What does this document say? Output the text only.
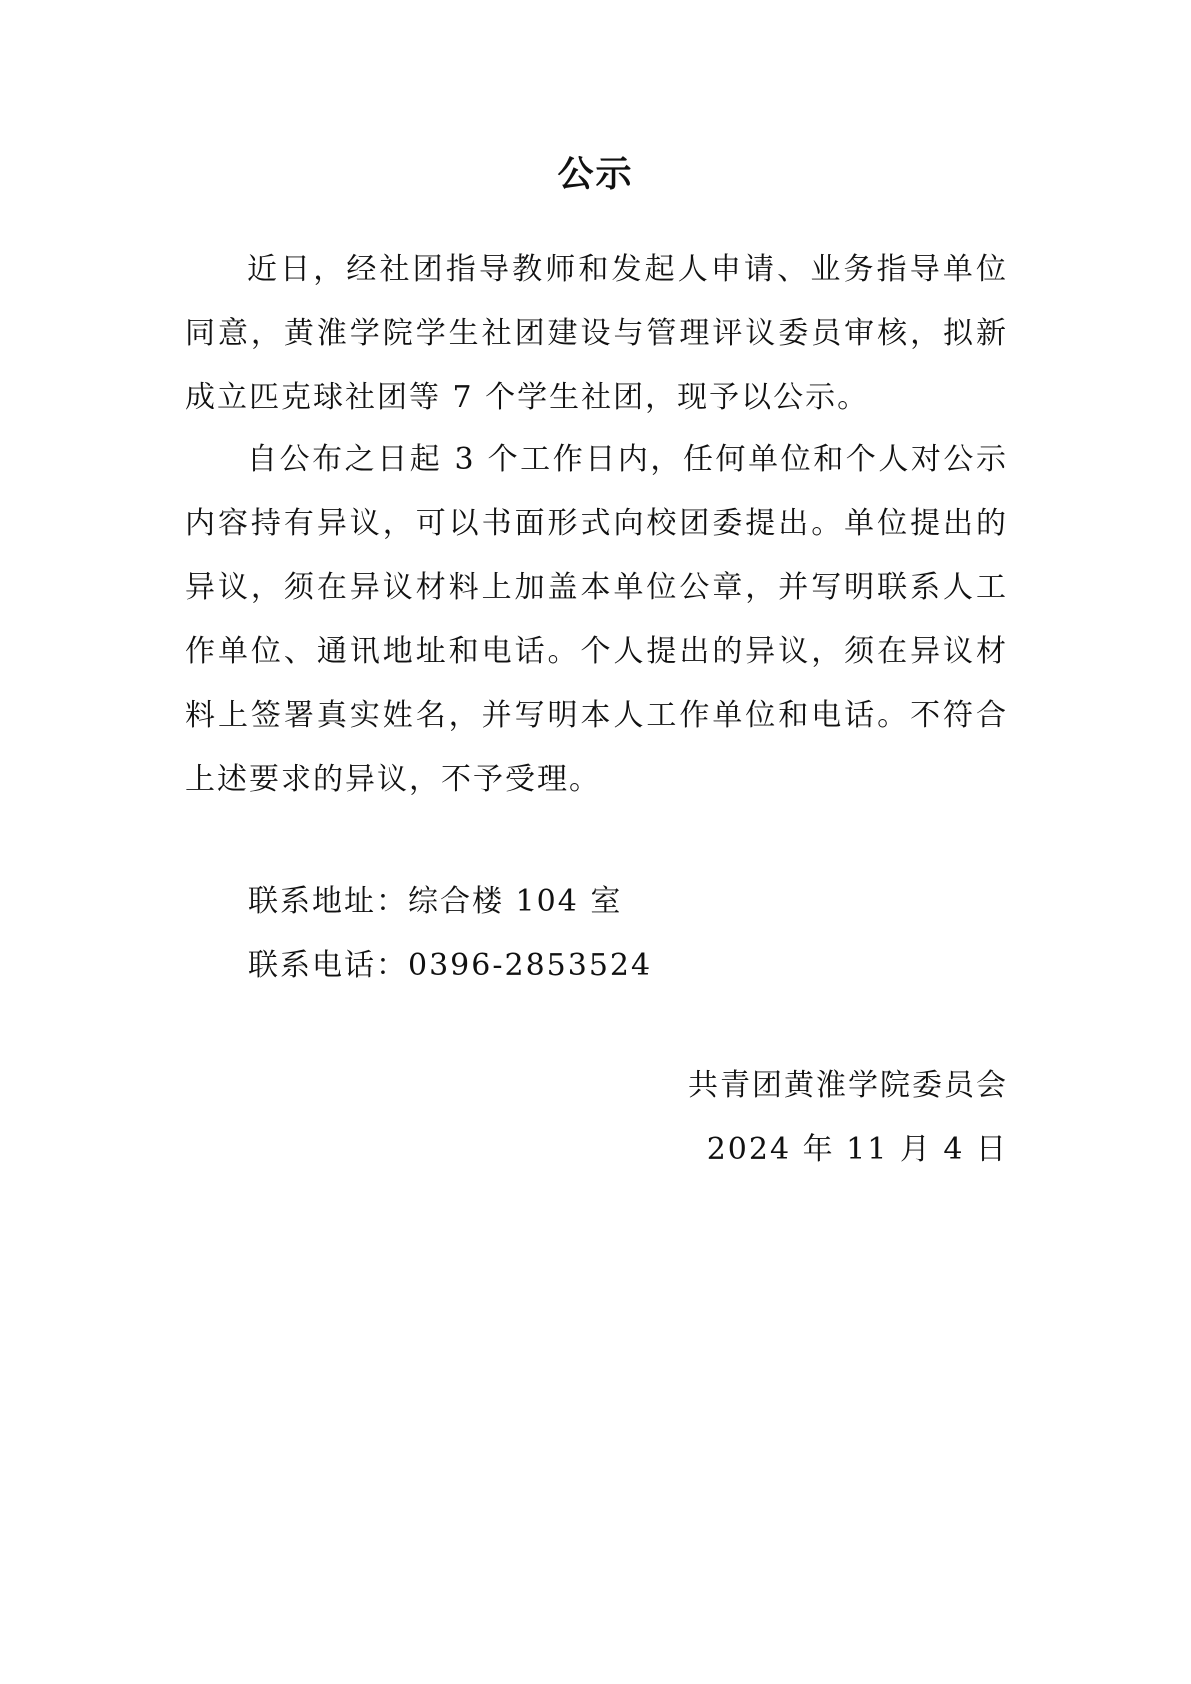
公示

近日，经社团指导教师和发起人申请、业务指导单位同意，黄淮学院学生社团建设与管理评议委员审核，拟新成立匹克球社团等 7 个学生社团，现予以公示。

自公布之日起 3 个工作日内，任何单位和个人对公示内容持有异议，可以书面形式向校团委提出。单位提出的异议，须在异议材料上加盖本单位公章，并写明联系人工作单位、通讯地址和电话。个人提出的异议，须在异议材料上签署真实姓名，并写明本人工作单位和电话。不符合上述要求的异议，不予受理。

联系地址：综合楼 104 室
联系电话：0396-2853524
共青团黄淮学院委员会
2024 年 11 月 4 日
